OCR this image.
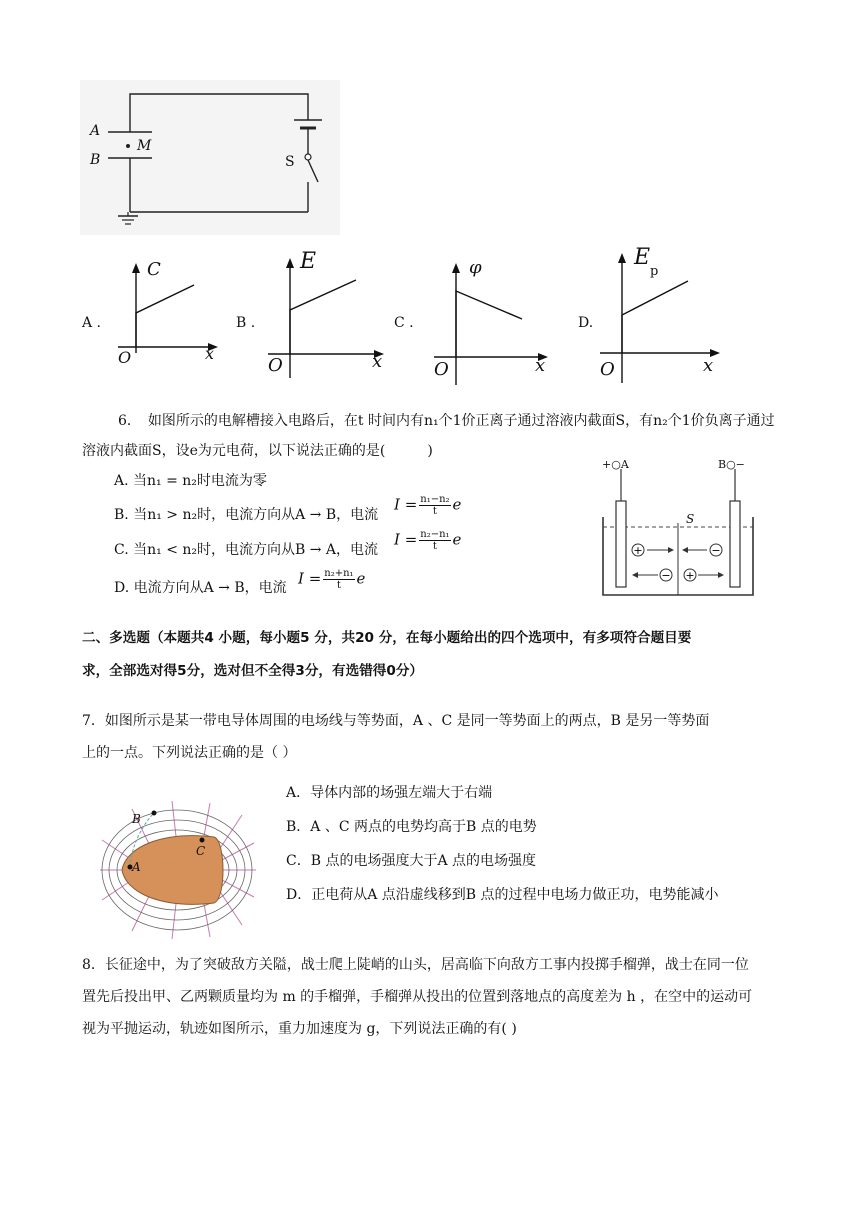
A
B
M
S
A .
C
O	x
B .
E
O	x
C .
φ
O	x
D.
E
p
O	x
6．　如图所示的电解槽接入电路后，在t 时间内有n₁个1价正离子通过溶液内截面S，有n₂个1价负离子通过
溶液内截面S，设e为元电荷，以下说法正确的是(　　　)
A. 当n₁ = n₂时电流为零
B. 当n₁ > n₂时，电流方向从A → B，电流
$I = \frac{\text{n₁−n₂}}{t}$ e
C. 当n₁ < n₂时，电流方向从B → A，电流
$I = \frac{\text{n₂−n₁}}{t}$ e
D. 电流方向从A → B，电流
$I = \frac{\text{n₂+n₁}}{t}$ e
+	−
− +
+○A	B○−
S
二、多选题（本题共4 小题，每小题5 分，共20 分，在每小题给出的四个选项中，有多项符合题目要
求，全部选对得5分，选对但不全得3分，有选错得0分）
7．如图所示是某一带电导体周围的电场线与等势面，A 、C 是同一等势面上的两点，B 是另一等势面
上的一点。下列说法正确的是（ ）
B
A
C
A．导体内部的场强左端大于右端
B．A 、C 两点的电势均高于B 点的电势
C．B 点的电场强度大于A 点的电场强度
D．正电荷从A 点沿虚线移到B 点的过程中电场力做正功，电势能减小
8．长征途中，为了突破敌方关隘，战士爬上陡峭的山头，居高临下向敌方工事内投掷手榴弹，战士在同一位
置先后投出甲、乙两颗质量均为 m 的手榴弹，手榴弹从投出的位置到落地点的高度差为 h ，在空中的运动可
视为平抛运动，轨迹如图所示，重力加速度为 g，下列说法正确的有( )
